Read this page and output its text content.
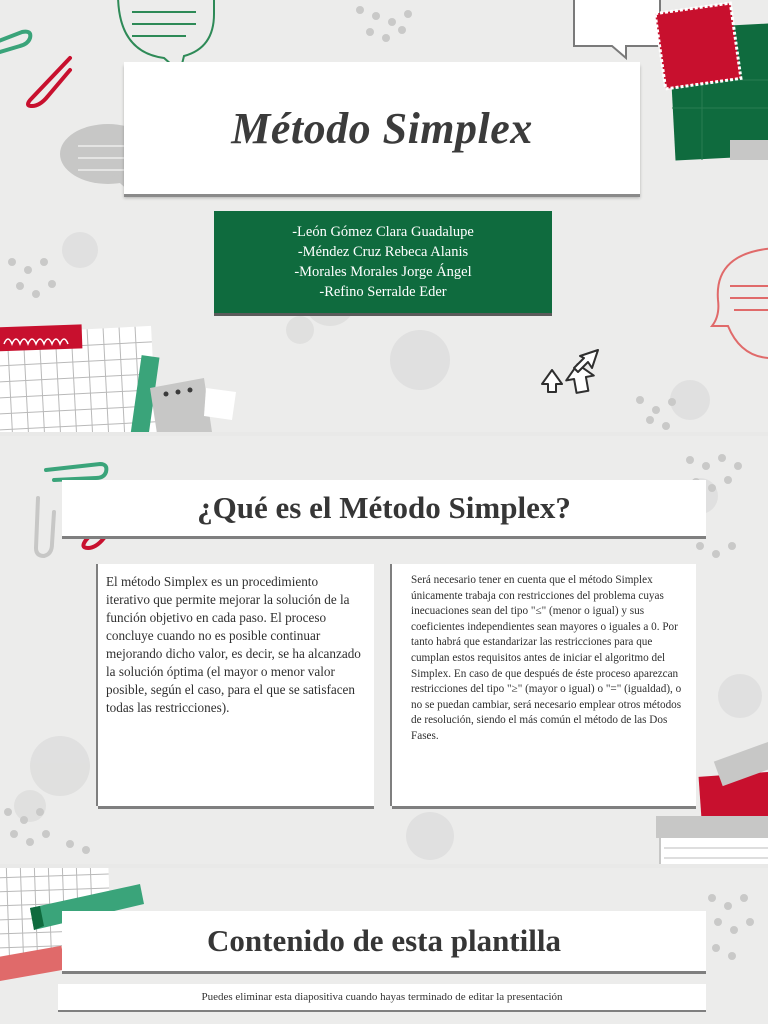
Método Simplex
-León Gómez Clara Guadalupe
-Méndez Cruz Rebeca Alanis
-Morales Morales Jorge Ángel
-Refino Serralde Eder
¿Qué es el Método Simplex?

El método Simplex es un procedimiento iterativo que permite mejorar la solución de la función objetivo en cada paso. El proceso concluye cuando no es posible continuar mejorando dicho valor, es decir, se ha alcanzado la solución óptima (el mayor o menor valor posible, según el caso, para el que se satisfacen todas las restricciones).

Será necesario tener en cuenta que el método Simplex únicamente trabaja con restricciones del problema cuyas inecuaciones sean del tipo "≤" (menor o igual) y sus coeficientes independientes sean mayores o iguales a 0. Por tanto habrá que estandarizar las restricciones para que cumplan estos requisitos antes de iniciar el algoritmo del Simplex. En caso de que después de éste proceso aparezcan restricciones del tipo "≥" (mayor o igual) o "=" (igualdad), o no se puedan cambiar, será necesario emplear otros métodos de resolución, siendo el más común el método de las Dos Fases.

Contenido de esta plantilla
Puedes eliminar esta diapositiva cuando hayas terminado de editar la presentación
